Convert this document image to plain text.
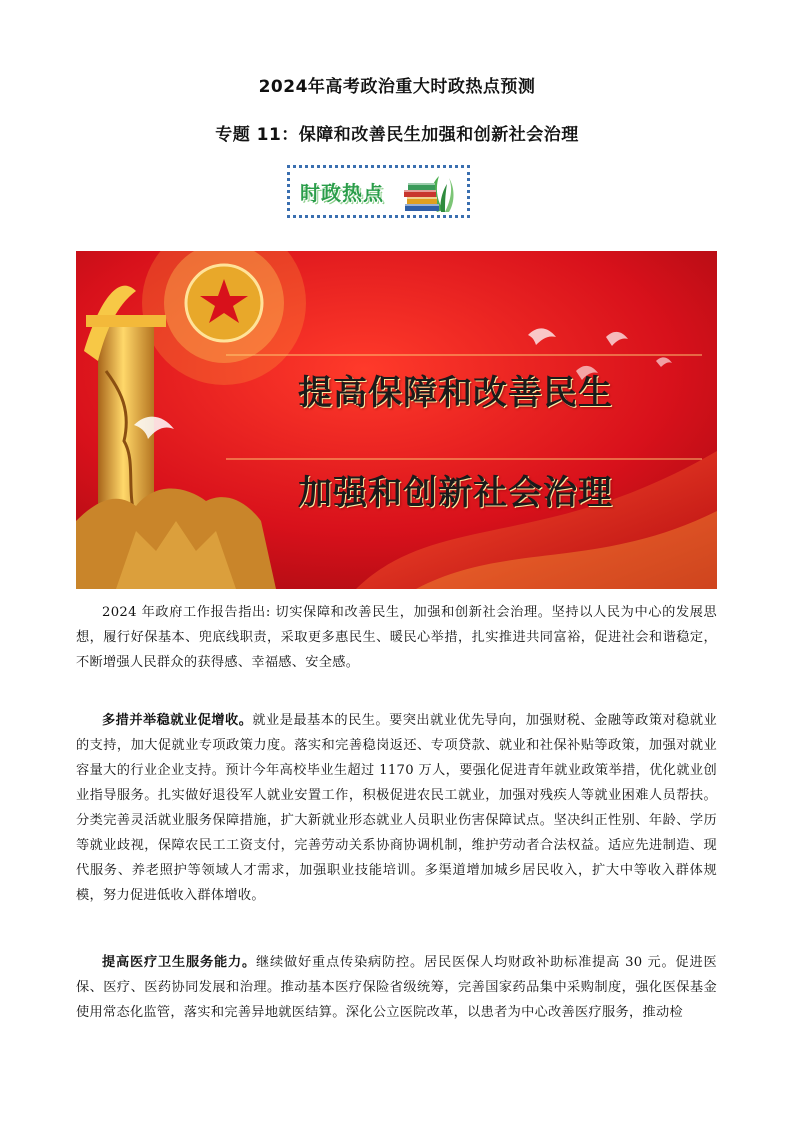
2024年高考政治重大时政热点预测
专题 11：保障和改善民生加强和创新社会治理
时政热点
提高保障和改善民生
加强和创新社会治理
2024 年政府工作报告指出: 切实保障和改善民生，加强和创新社会治理。坚持以人民为中心的发展思想，履行好保基本、兜底线职责，采取更多惠民生、暖民心举措，扎实推进共同富裕，促进社会和谐稳定，不断增强人民群众的获得感、幸福感、安全感。
多措并举稳就业促增收。就业是最基本的民生。要突出就业优先导向，加强财税、金融等政策对稳就业的支持，加大促就业专项政策力度。落实和完善稳岗返还、专项贷款、就业和社保补贴等政策，加强对就业容量大的行业企业支持。预计今年高校毕业生超过 1170 万人，要强化促进青年就业政策举措，优化就业创业指导服务。扎实做好退役军人就业安置工作，积极促进农民工就业，加强对残疾人等就业困难人员帮扶。分类完善灵活就业服务保障措施，扩大新就业形态就业人员职业伤害保障试点。坚决纠正性别、年龄、学历等就业歧视，保障农民工工资支付，完善劳动关系协商协调机制，维护劳动者合法权益。适应先进制造、现代服务、养老照护等领域人才需求，加强职业技能培训。多渠道增加城乡居民收入，扩大中等收入群体规模，努力促进低收入群体增收。
提高医疗卫生服务能力。继续做好重点传染病防控。居民医保人均财政补助标准提高 30 元。促进医保、医疗、医药协同发展和治理。推动基本医疗保险省级统筹，完善国家药品集中采购制度，强化医保基金使用常态化监管，落实和完善异地就医结算。深化公立医院改革，以患者为中心改善医疗服务，推动检
